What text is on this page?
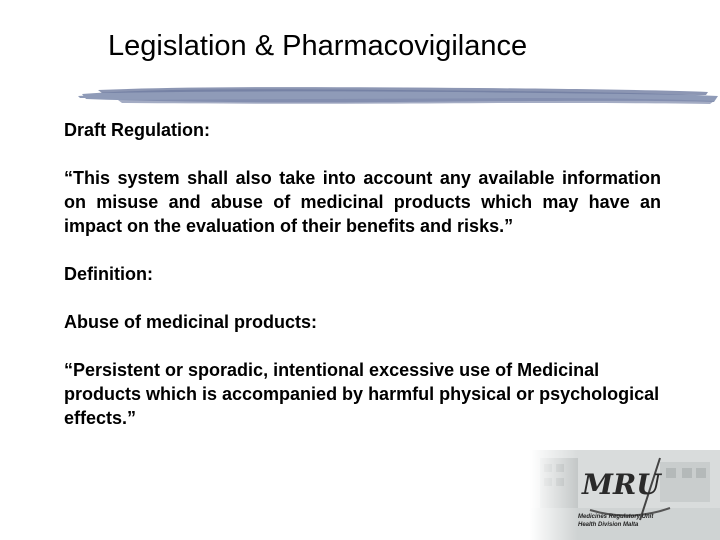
Legislation & Pharmacovigilance

Draft Regulation:

“This system shall also take into account any available information on misuse and abuse of medicinal products which may have an impact on the evaluation of their benefits and risks.”

Definition:

Abuse of medicinal products:

“Persistent or sporadic, intentional excessive use of Medicinal products which is accompanied by harmful physical or psychological effects.”
